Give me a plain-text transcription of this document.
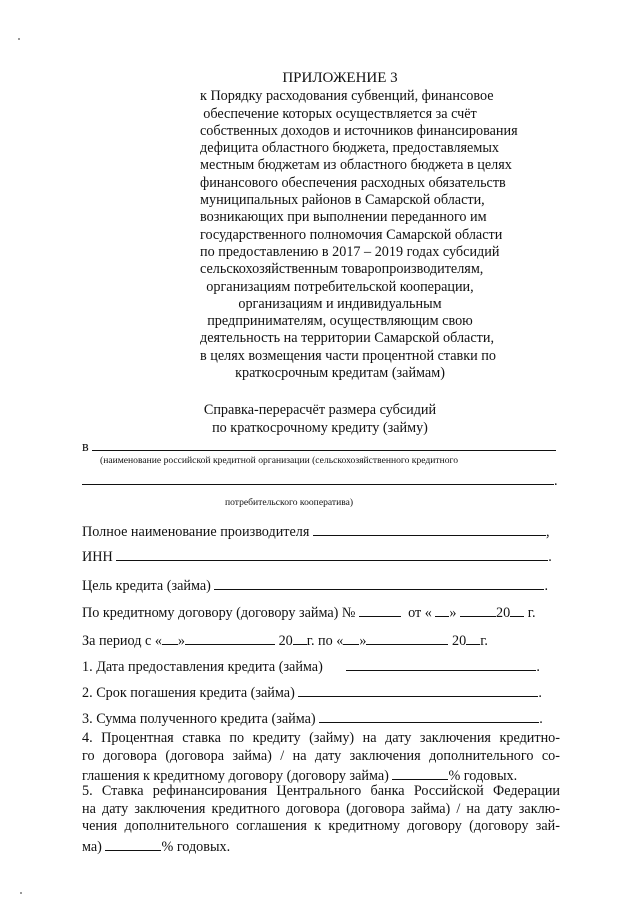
ПРИЛОЖЕНИЕ 3
к Порядку расходования субвенций, финансовое
обеспечение которых осуществляется за счёт
собственных доходов и источников финансирования
дефицита областного бюджета, предоставляемых
местным бюджетам из областного бюджета в целях
финансового обеспечения расходных обязательств
муниципальных районов в Самарской области,
возникающих при выполнении переданного им
государственного полномочия Самарской области
по предоставлению в 2017 – 2019 годах субсидий
сельскохозяйственным товаропроизводителям,
организациям потребительской кооперации,
организациям и индивидуальным
предпринимателям, осуществляющим свою
деятельность на территории Самарской области,
в целях возмещения части процентной ставки по
краткосрочным кредитам (займам)
Справка-перерасчёт размера субсидий
по краткосрочному кредиту (займу)
в
(наименование российской кредитной организации (сельскохозяйственного кредитного
.
потребительского кооператива)
Полное наименование производителя	,
ИНН	.
Цель кредита (займа)	.
По кредитному договору (договору займа) №	от « »	20 г.
За период с « »	20 г. по « »	20 г.
1. Дата предоставления кредита (займа)	.
2. Срок погашения кредита (займа)	.
3. Сумма полученного кредита (займа)	.
4. Процентная ставка по кредиту (займу) на дату заключения кредитно-
го договора (договора займа) / на дату заключения дополнительного со-
глашения к кредитному договору (договору займа)	% годовых.
5. Ставка рефинансирования Центрального банка Российской Федерации
на дату заключения кредитного договора (договора займа) / на дату заклю-
чения дополнительного соглашения к кредитному договору (договору зай-
ма)	% годовых.
